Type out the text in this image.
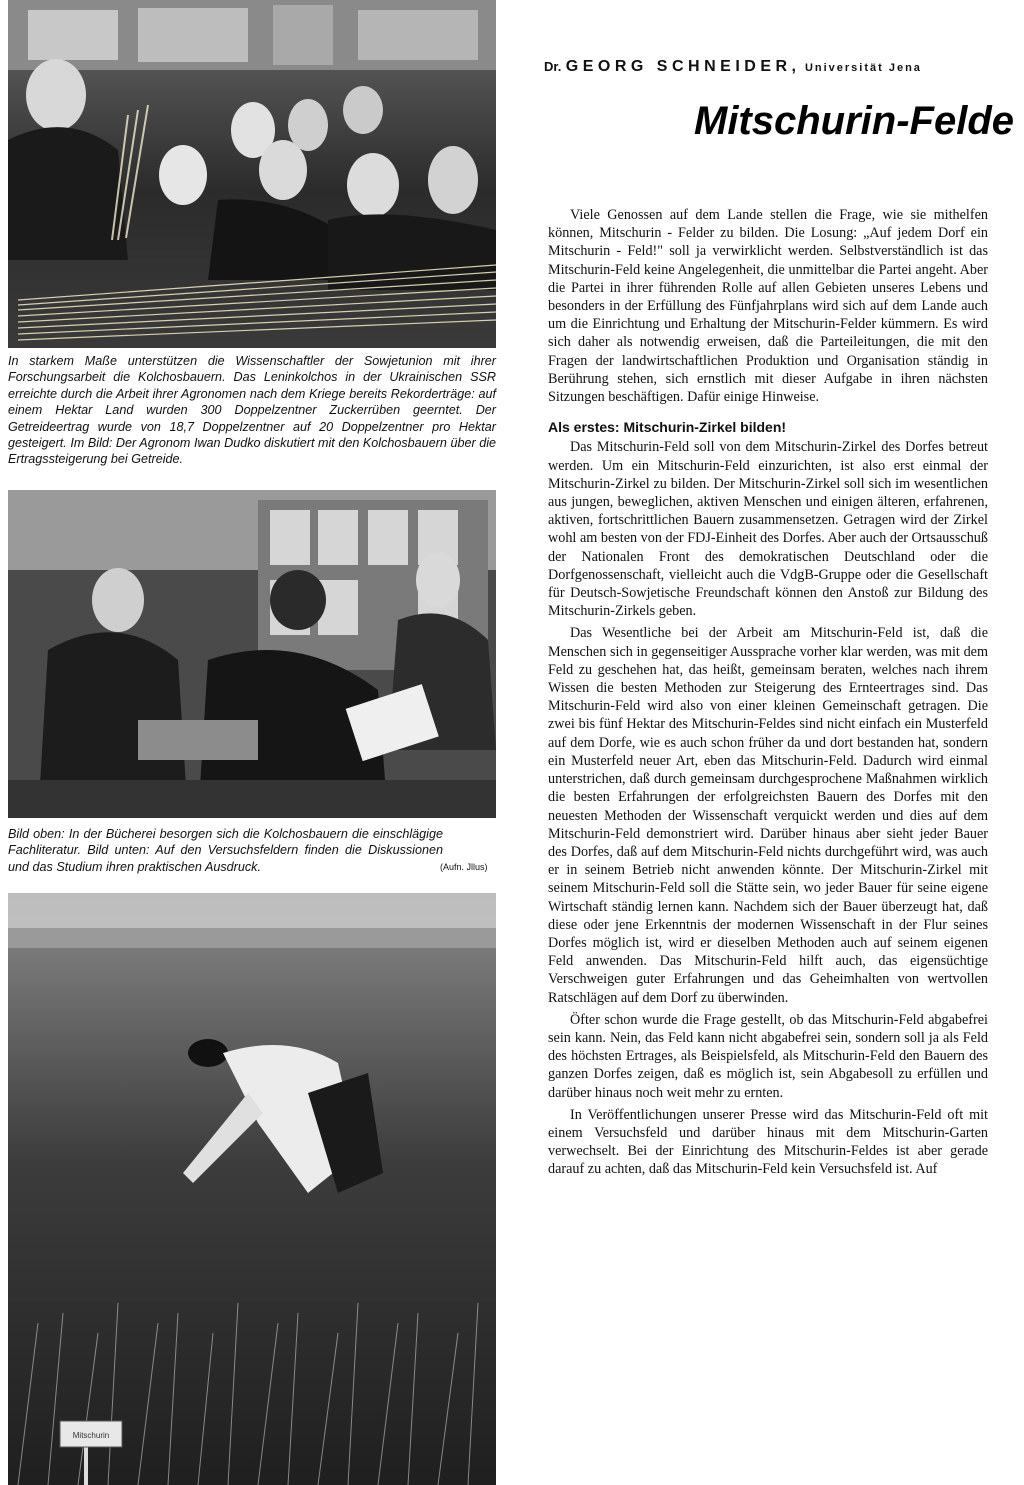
In starkem Maße unterstützen die Wissenschaftler der Sowjetunion mit ihrer Forschungsarbeit die Kolchosbauern. Das Leninkolchos in der Ukrainischen SSR erreichte durch die Arbeit ihrer Agronomen nach dem Kriege bereits Rekorderträge: auf einem Hektar Land wurden 300 Doppelzentner Zuckerrüben geerntet. Der Getreideertrag wurde von 18,7 Doppelzentner auf 20 Doppelzentner pro Hektar gesteigert. Im Bild: Der Agronom Iwan Dudko diskutiert mit den Kolchosbauern über die Ertragssteigerung bei Getreide.
Bild oben: In der Bücherei besorgen sich die Kolchosbauern die einschlägige Fachliteratur. Bild unten: Auf den Versuchsfeldern finden die Diskussionen und das Studium ihren praktischen Ausdruck.	(Aufn. Jllus)
Mitschurin
Dr. GEORG SCHNEIDER, Universität Jena
Mitschurin-Felde

Viele Genossen auf dem Lande stellen die Frage, wie sie mithelfen können, Mitschurin - Felder zu bilden. Die Losung: „Auf jedem Dorf ein Mitschurin - Feld!" soll ja verwirklicht werden. Selbstverständlich ist das Mitschurin-Feld keine Angelegenheit, die unmittelbar die Partei angeht. Aber die Partei in ihrer führenden Rolle auf allen Gebieten unseres Lebens und besonders in der Erfüllung des Fünfjahrplans wird sich auf dem Lande auch um die Einrichtung und Erhaltung der Mitschurin-Felder kümmern. Es wird sich daher als notwendig erweisen, daß die Parteileitungen, die mit den Fragen der landwirtschaftlichen Produktion und Organisation ständig in Berührung stehen, sich ernstlich mit dieser Aufgabe in ihren nächsten Sitzungen beschäftigen. Dafür einige Hinweise.

Als erstes: Mitschurin-Zirkel bilden!

Das Mitschurin-Feld soll von dem Mitschurin-Zirkel des Dorfes betreut werden. Um ein Mitschurin-Feld einzurichten, ist also erst einmal der Mitschurin-Zirkel zu bilden. Der Mitschurin-Zirkel soll sich im wesentlichen aus jungen, beweglichen, aktiven Menschen und einigen älteren, erfahrenen, aktiven, fortschrittlichen Bauern zusammensetzen. Getragen wird der Zirkel wohl am besten von der FDJ-Einheit des Dorfes. Aber auch der Ortsausschuß der Nationalen Front des demokratischen Deutschland oder die Dorfgenossenschaft, vielleicht auch die VdgB-Gruppe oder die Gesellschaft für Deutsch-Sowjetische Freundschaft können den Anstoß zur Bildung des Mitschurin-Zirkels geben.

Das Wesentliche bei der Arbeit am Mitschurin-Feld ist, daß die Menschen sich in gegenseitiger Aussprache vorher klar werden, was mit dem Feld zu geschehen hat, das heißt, gemeinsam beraten, welches nach ihrem Wissen die besten Methoden zur Steigerung des Ernteertrages sind. Das Mitschurin-Feld wird also von einer kleinen Gemeinschaft getragen. Die zwei bis fünf Hektar des Mitschurin-Feldes sind nicht einfach ein Musterfeld auf dem Dorfe, wie es auch schon früher da und dort bestanden hat, sondern ein Musterfeld neuer Art, eben das Mitschurin-Feld. Dadurch wird einmal unterstrichen, daß durch gemeinsam durchgesprochene Maßnahmen wirklich die besten Erfahrungen der erfolgreichsten Bauern des Dorfes mit den neuesten Methoden der Wissenschaft verquickt werden und dies auf dem Mitschurin-Feld demonstriert wird. Darüber hinaus aber sieht jeder Bauer des Dorfes, daß auf dem Mitschurin-Feld nichts durchgeführt wird, was auch er in seinem Betrieb nicht anwenden könnte. Der Mitschurin-Zirkel mit seinem Mitschurin-Feld soll die Stätte sein, wo jeder Bauer für seine eigene Wirtschaft ständig lernen kann. Nachdem sich der Bauer überzeugt hat, daß diese oder jene Erkenntnis der modernen Wissenschaft in der Flur seines Dorfes möglich ist, wird er dieselben Methoden auch auf seinem eigenen Feld anwenden. Das Mitschurin-Feld hilft auch, das eigensüchtige Verschweigen guter Erfahrungen und das Geheimhalten von wertvollen Ratschlägen auf dem Dorf zu überwinden.

Öfter schon wurde die Frage gestellt, ob das Mitschurin-Feld abgabefrei sein kann. Nein, das Feld kann nicht abgabefrei sein, sondern soll ja als Feld des höchsten Ertrages, als Beispielsfeld, als Mitschurin-Feld den Bauern des ganzen Dorfes zeigen, daß es möglich ist, sein Abgabesoll zu erfüllen und darüber hinaus noch weit mehr zu ernten.

In Veröffentlichungen unserer Presse wird das Mitschurin-Feld oft mit einem Versuchsfeld und darüber hinaus mit dem Mitschurin-Garten verwechselt. Bei der Einrichtung des Mitschurin-Feldes ist aber gerade darauf zu achten, daß das Mitschurin-Feld kein Versuchsfeld ist. Auf
